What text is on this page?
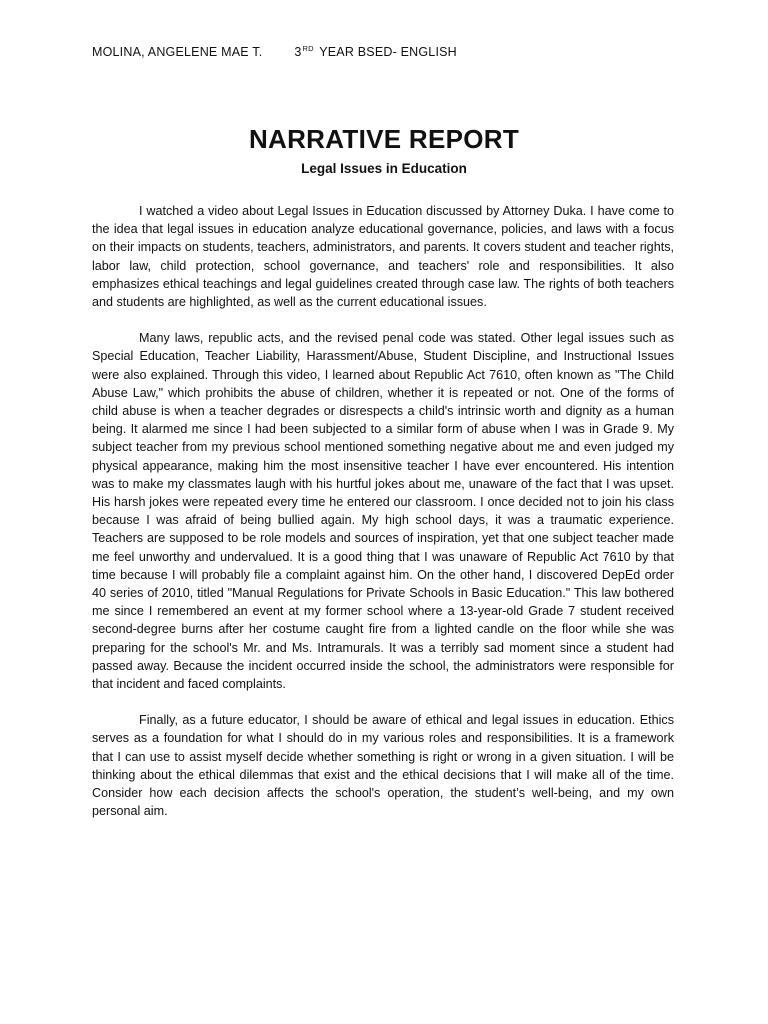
MOLINA, ANGELENE MAE T.	3RD YEAR BSED- ENGLISH
NARRATIVE REPORT
Legal Issues in Education

I watched a video about Legal Issues in Education discussed by Attorney Duka. I have come to the idea that legal issues in education analyze educational governance, policies, and laws with a focus on their impacts on students, teachers, administrators, and parents. It covers student and teacher rights, labor law, child protection, school governance, and teachers' role and responsibilities. It also emphasizes ethical teachings and legal guidelines created through case law. The rights of both teachers and students are highlighted, as well as the current educational issues.

Many laws, republic acts, and the revised penal code was stated. Other legal issues such as Special Education, Teacher Liability, Harassment/Abuse, Student Discipline, and Instructional Issues were also explained. Through this video, I learned about Republic Act 7610, often known as "The Child Abuse Law," which prohibits the abuse of children, whether it is repeated or not. One of the forms of child abuse is when a teacher degrades or disrespects a child's intrinsic worth and dignity as a human being. It alarmed me since I had been subjected to a similar form of abuse when I was in Grade 9. My subject teacher from my previous school mentioned something negative about me and even judged my physical appearance, making him the most insensitive teacher I have ever encountered. His intention was to make my classmates laugh with his hurtful jokes about me, unaware of the fact that I was upset. His harsh jokes were repeated every time he entered our classroom. I once decided not to join his class because I was afraid of being bullied again. My high school days, it was a traumatic experience. Teachers are supposed to be role models and sources of inspiration, yet that one subject teacher made me feel unworthy and undervalued. It is a good thing that I was unaware of Republic Act 7610 by that time because I will probably file a complaint against him. On the other hand, I discovered DepEd order 40 series of 2010, titled "Manual Regulations for Private Schools in Basic Education." This law bothered me since I remembered an event at my former school where a 13-year-old Grade 7 student received second-degree burns after her costume caught fire from a lighted candle on the floor while she was preparing for the school's Mr. and Ms. Intramurals. It was a terribly sad moment since a student had passed away. Because the incident occurred inside the school, the administrators were responsible for that incident and faced complaints.

Finally, as a future educator, I should be aware of ethical and legal issues in education. Ethics serves as a foundation for what I should do in my various roles and responsibilities. It is a framework that I can use to assist myself decide whether something is right or wrong in a given situation. I will be thinking about the ethical dilemmas that exist and the ethical decisions that I will make all of the time. Consider how each decision affects the school's operation, the student’s well-being, and my own personal aim.
